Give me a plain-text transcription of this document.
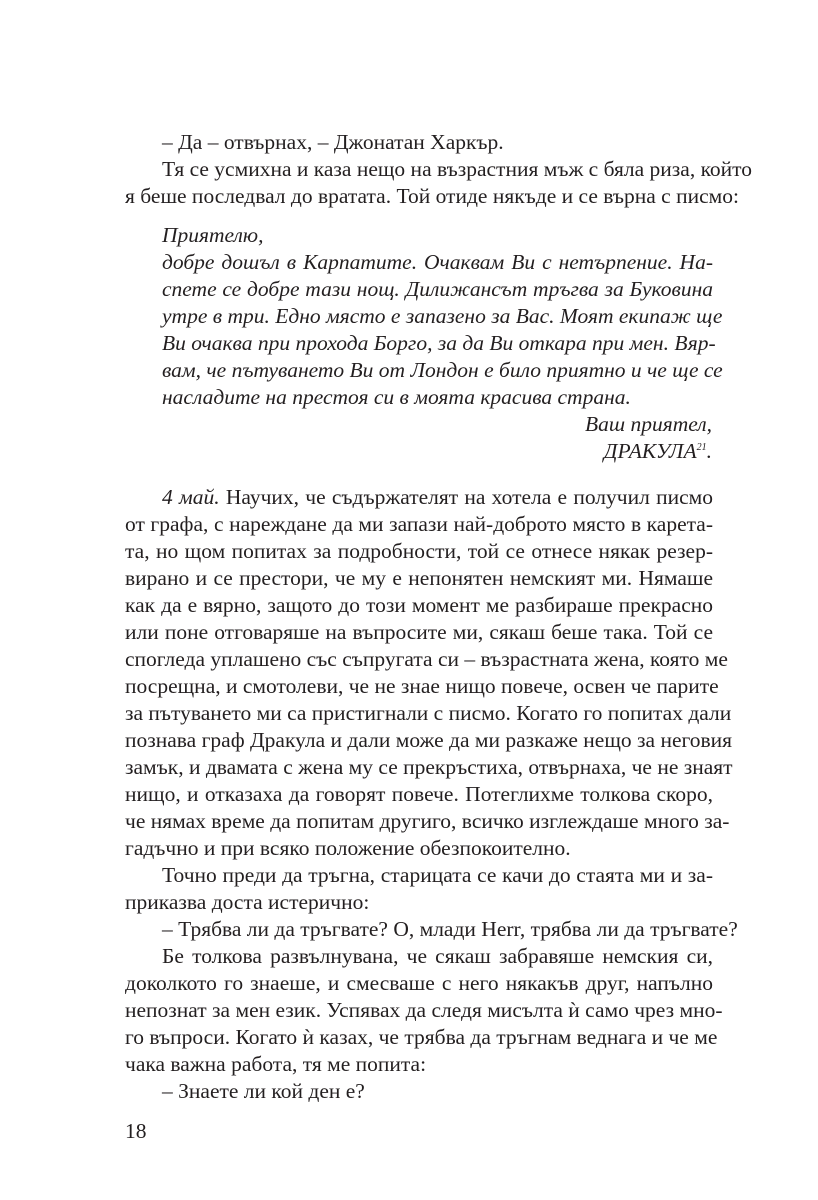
– Да – отвърнах, – Джонатан Харкър.
Тя се усмихна и каза нещо на възрастния мъж с бяла риза, който
я беше последвал до вратата. Той отиде някъде и се върна с писмо:
Приятелю,
добре дошъл в Карпатите. Очаквам Ви с нетърпение. На-
спете се добре тази нощ. Дилижансът тръгва за Буковина
утре в три. Едно място е запазено за Вас. Моят екипаж ще
Ви очаква при прохода Борго, за да Ви откара при мен. Вяр-
вам, че пътуването Ви от Лондон е било приятно и че ще се
насладите на престоя си в моята красива страна.
Ваш приятел,
ДРАКУЛА$^{21}$.
4 май. Научих, че съдържателят на хотела е получил писмо
от графа, с нареждане да ми запази най-доброто място в карета-
та, но щом попитах за подробности, той се отнесе някак резер-
вирано и се престори, че му е непонятен немският ми. Нямаше
как да е вярно, защото до този момент ме разбираше прекрасно
или поне отговаряше на въпросите ми, сякаш беше така. Той се
спогледа уплашено със съпругата си – възрастната жена, която ме
посрещна, и смотолеви, че не знае нищо повече, освен че парите
за пътуването ми са пристигнали с писмо. Когато го попитах дали
познава граф Дракула и дали може да ми разкаже нещо за неговия
замък, и двамата с жена му се прекръстиха, отвърнаха, че не знаят
нищо, и отказаха да говорят повече. Потеглихме толкова скоро,
че нямах време да попитам другиго, всичко изглеждаше много за-
гадъчно и при всяко положение обезпокоително.
Точно преди да тръгна, старицата се качи до стаята ми и за-
приказва доста истерично:
– Трябва ли да тръгвате? О, млади Herr, трябва ли да тръгвате?
Бе толкова развълнувана, че сякаш забравяше немския си,
доколкото го знаеше, и смесваше с него някакъв друг, напълно
непознат за мен език. Успявах да следя мисълта ѝ само чрез мно-
го въпроси. Когато ѝ казах, че трябва да тръгнам веднага и че ме
чака важна работа, тя ме попита:
– Знаете ли кой ден е?
18
